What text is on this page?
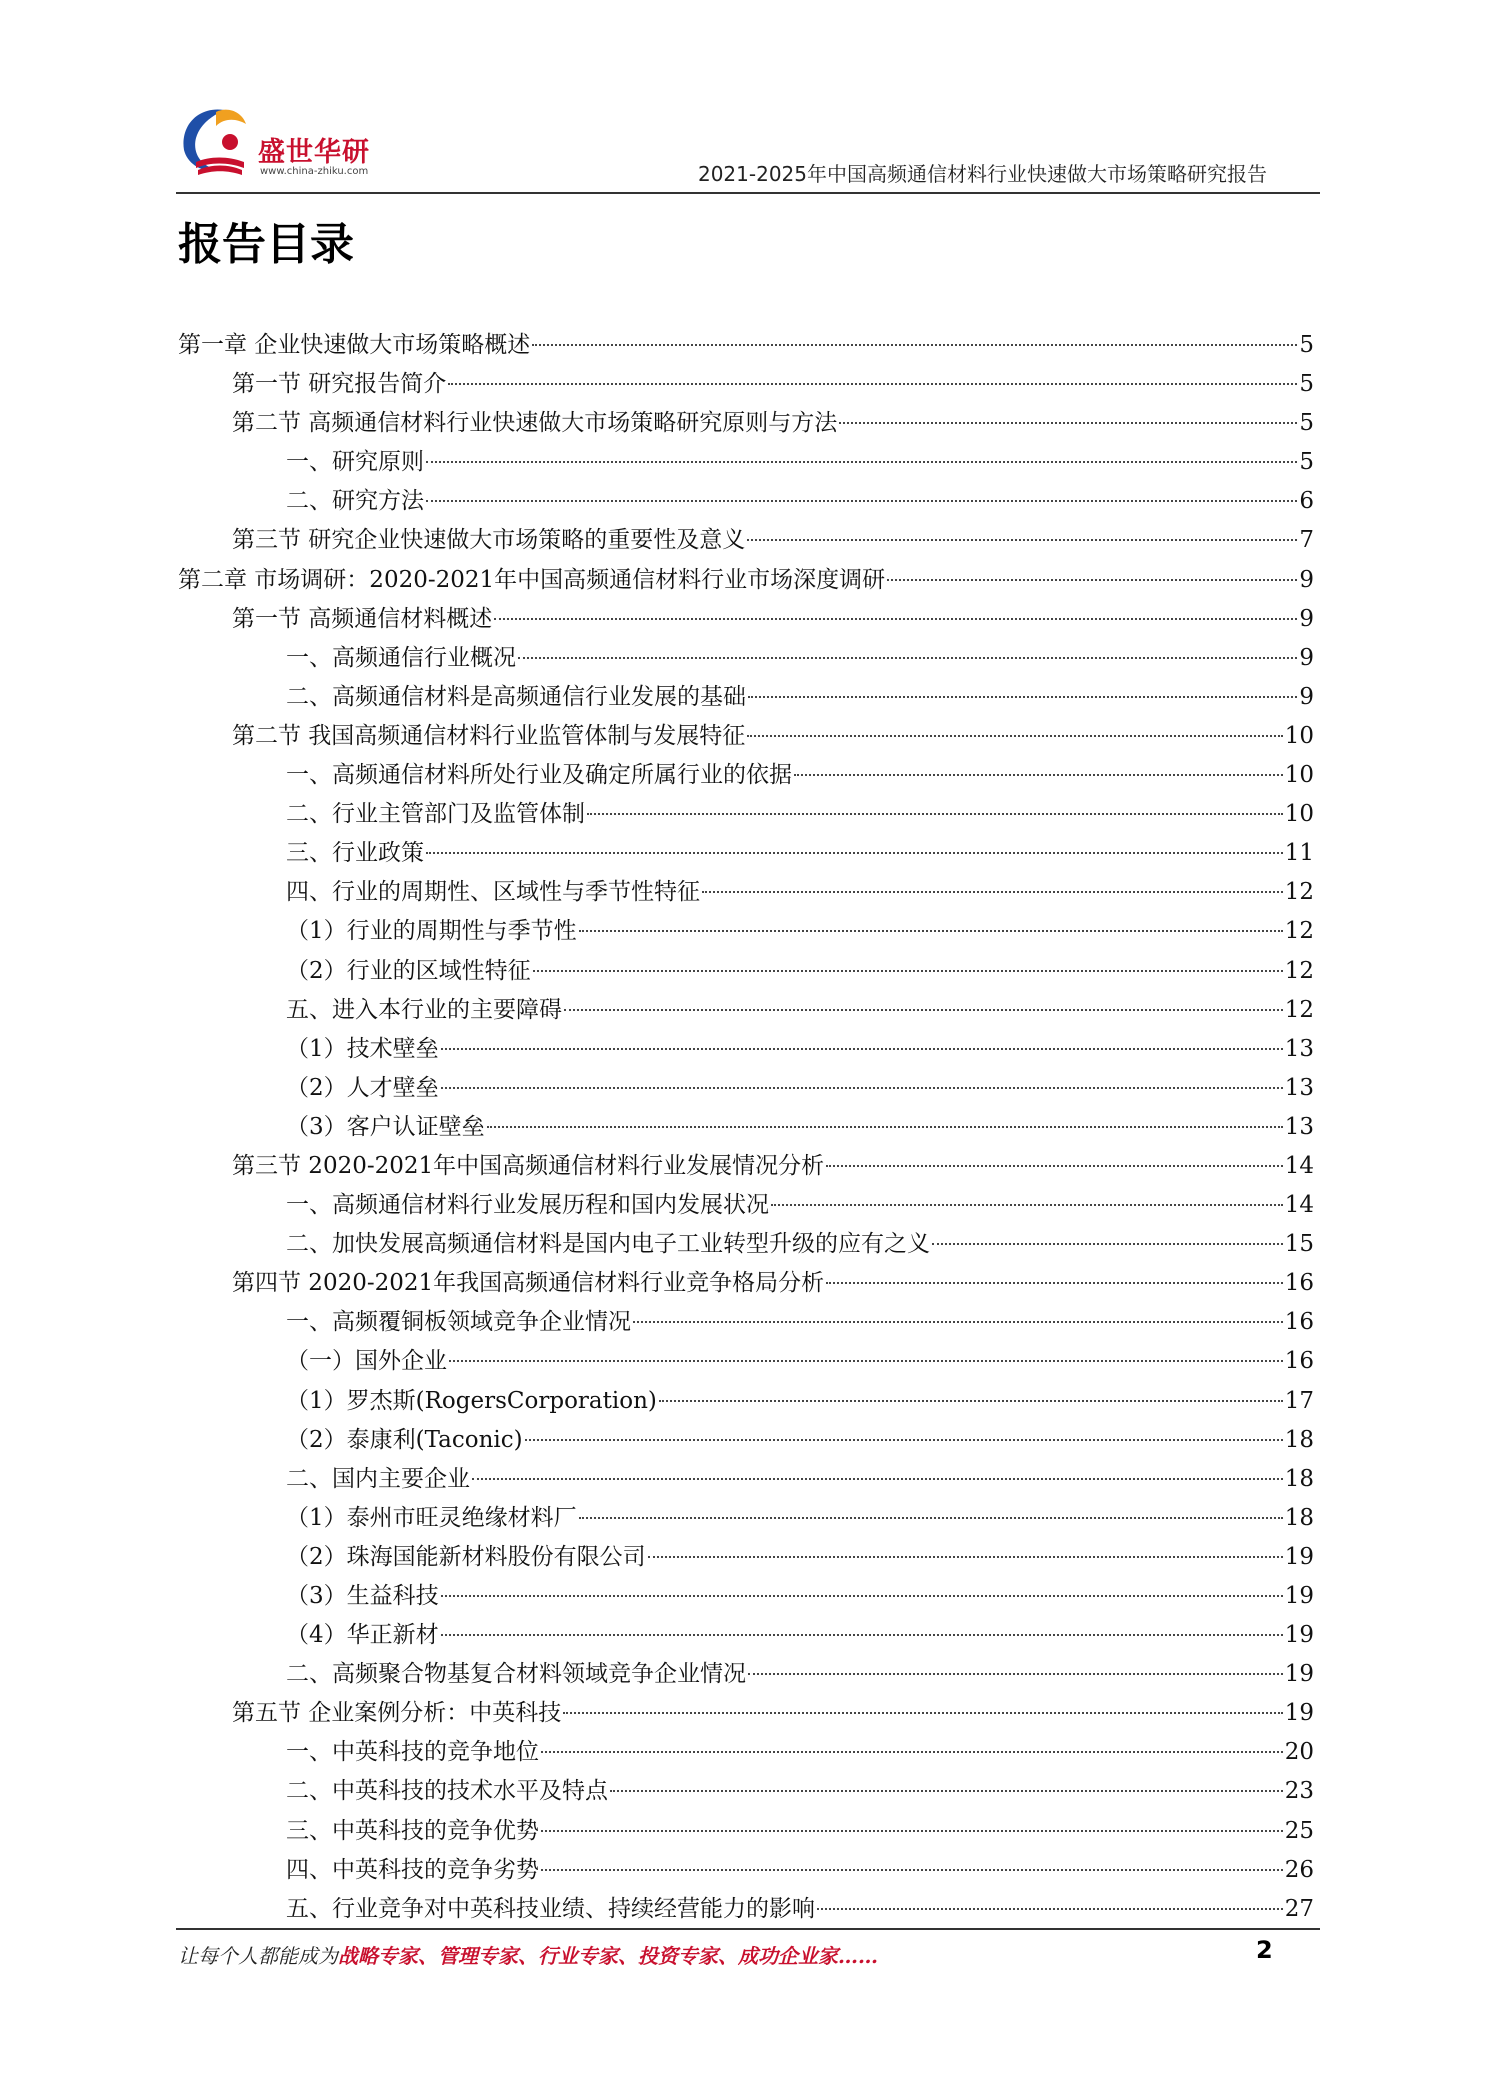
盛世华研
www.china-zhiku.com	2021-2025年中国高频通信材料行业快速做大市场策略研究报告
报告目录
第一章 企业快速做大市场策略概述	5
第一节 研究报告简介	5
第二节 高频通信材料行业快速做大市场策略研究原则与方法	5
一、研究原则	5
二、研究方法	6
第三节 研究企业快速做大市场策略的重要性及意义	7
第二章 市场调研：2020-2021年中国高频通信材料行业市场深度调研	9
第一节 高频通信材料概述	9
一、高频通信行业概况	9
二、高频通信材料是高频通信行业发展的基础	9
第二节 我国高频通信材料行业监管体制与发展特征	10
一、高频通信材料所处行业及确定所属行业的依据	10
二、行业主管部门及监管体制	10
三、行业政策	11
四、行业的周期性、区域性与季节性特征	12
（1）行业的周期性与季节性	12
（2）行业的区域性特征	12
五、进入本行业的主要障碍	12
（1）技术壁垒	13
（2）人才壁垒	13
（3）客户认证壁垒	13
第三节 2020-2021年中国高频通信材料行业发展情况分析	14
一、高频通信材料行业发展历程和国内发展状况	14
二、加快发展高频通信材料是国内电子工业转型升级的应有之义	15
第四节 2020-2021年我国高频通信材料行业竞争格局分析	16
一、高频覆铜板领域竞争企业情况	16
（一）国外企业	16
（1）罗杰斯(RogersCorporation)	17
（2）泰康利(Taconic)	18
二、国内主要企业	18
（1）泰州市旺灵绝缘材料厂	18
（2）珠海国能新材料股份有限公司	19
（3）生益科技	19
（4）华正新材	19
二、高频聚合物基复合材料领域竞争企业情况	19
第五节 企业案例分析：中英科技	19
一、中英科技的竞争地位	20
二、中英科技的技术水平及特点	23
三、中英科技的竞争优势	25
四、中英科技的竞争劣势	26
五、行业竞争对中英科技业绩、持续经营能力的影响	27
让每个人都能成为战略专家、管理专家、行业专家、投资专家、成功企业家……	2
